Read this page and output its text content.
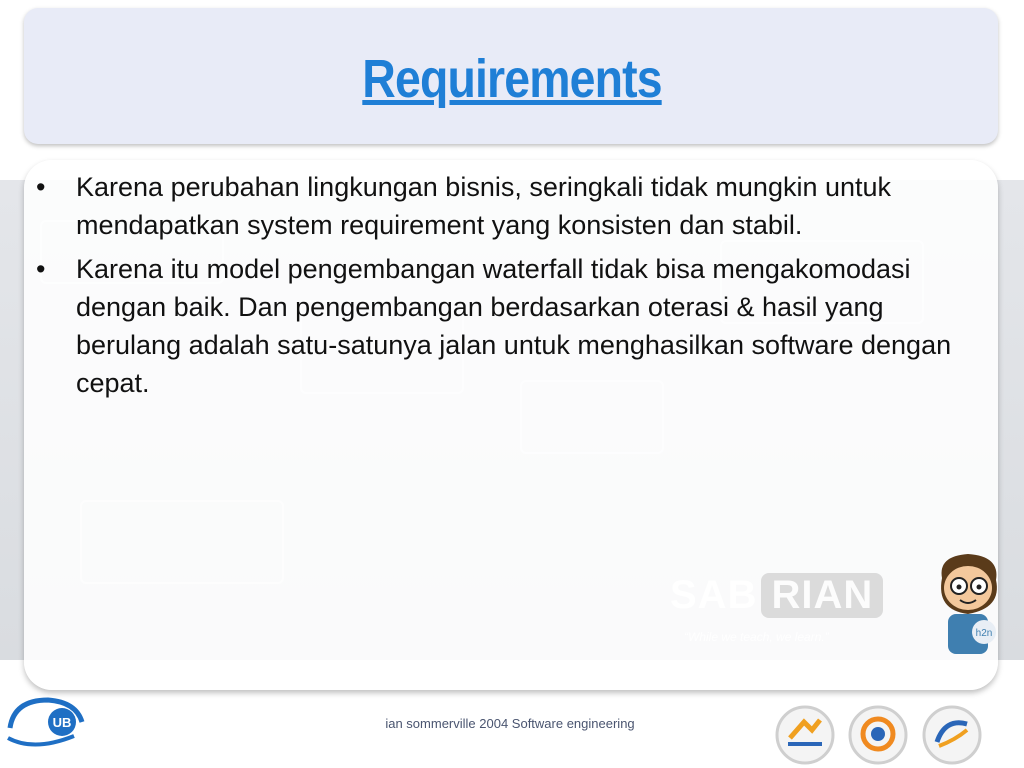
Requirements
• Karena perubahan lingkungan bisnis, seringkali tidak mungkin untuk mendapatkan system requirement yang konsisten dan stabil.
• Karena itu model pengembangan waterfall tidak bisa mengakomodasi dengan baik. Dan pengembangan berdasarkan oterasi & hasil yang berulang adalah satu-satunya jalan untuk menghasilkan software dengan cepat.
SAB RIAN
“While we teach, we learn.”	h2n
UB	ian sommerville 2004 Software engineering
